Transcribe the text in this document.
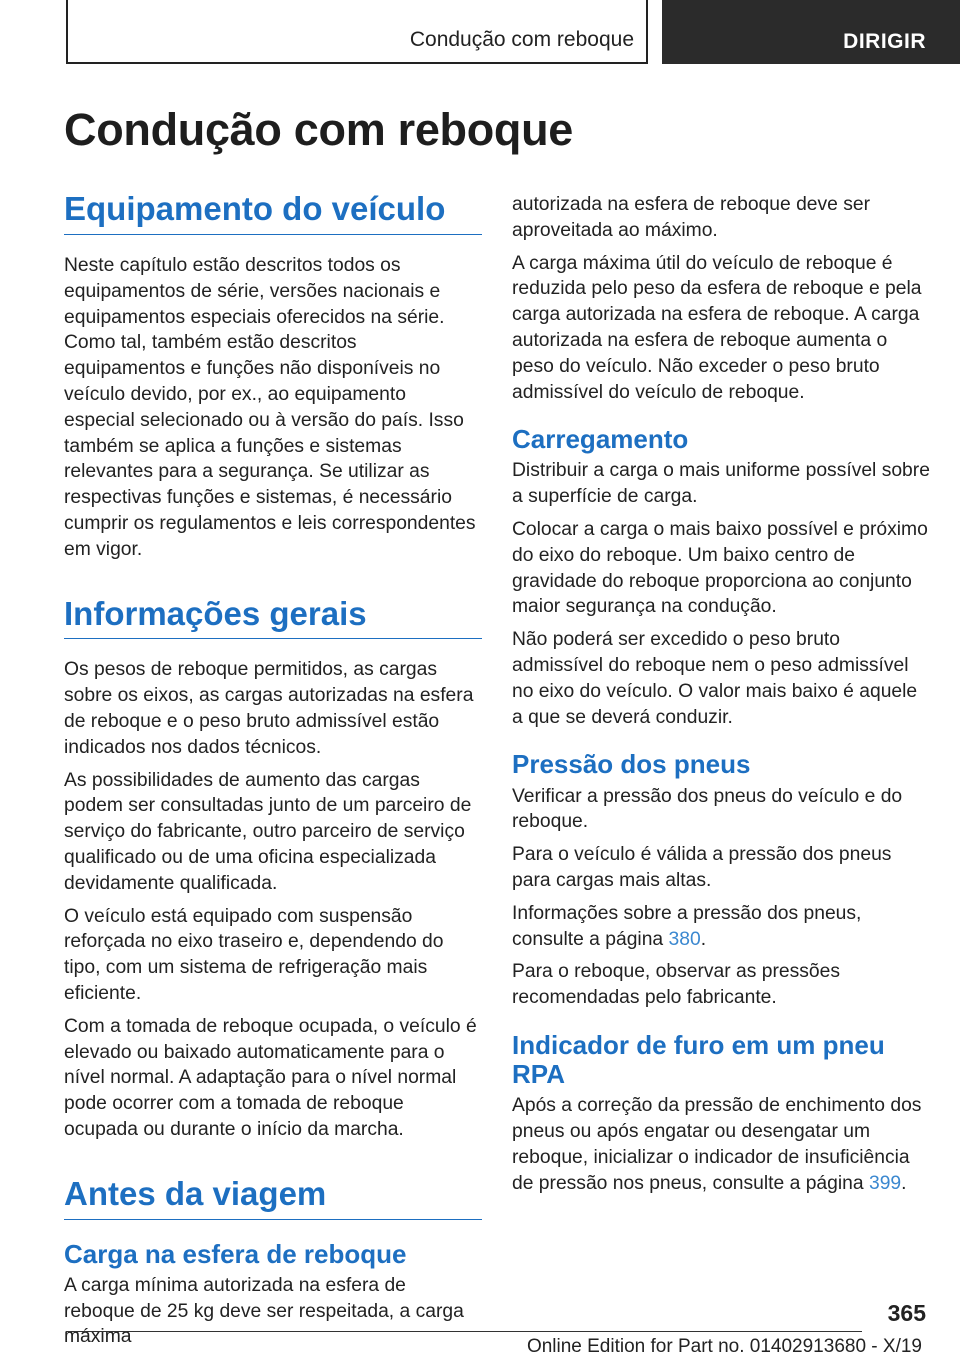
Condução com reboque	DIRIGIR
Condução com reboque
Equipamento do veículo

Neste capítulo estão descritos todos os equipamentos de série, versões nacionais e equipamentos especiais oferecidos na série. Como tal, também estão descritos equipamentos e funções não disponíveis no veículo devido, por ex., ao equipamento especial selecionado ou à versão do país. Isso também se aplica a funções e sistemas relevantes para a segurança. Se utilizar as respectivas funções e sistemas, é necessário cumprir os regulamentos e leis correspondentes em vigor.

Informações gerais

Os pesos de reboque permitidos, as cargas sobre os eixos, as cargas autorizadas na esfera de reboque e o peso bruto admissível estão indicados nos dados técnicos.

As possibilidades de aumento das cargas podem ser consultadas junto de um parceiro de serviço do fabricante, outro parceiro de serviço qualificado ou de uma oficina especializada devidamente qualificada.

O veículo está equipado com suspensão reforçada no eixo traseiro e, dependendo do tipo, com um sistema de refrigeração mais eficiente.

Com a tomada de reboque ocupada, o veículo é elevado ou baixado automaticamente para o nível normal. A adaptação para o nível normal pode ocorrer com a tomada de reboque ocupada ou durante o início da marcha.

Antes da viagem
Carga na esfera de reboque

A carga mínima autorizada na esfera de reboque de 25 kg deve ser respeitada, a carga máxima

autorizada na esfera de reboque deve ser aproveitada ao máximo.

A carga máxima útil do veículo de reboque é reduzida pelo peso da esfera de reboque e pela carga autorizada na esfera de reboque. A carga autorizada na esfera de reboque aumenta o peso do veículo. Não exceder o peso bruto admissível do veículo de reboque.

Carregamento

Distribuir a carga o mais uniforme possível sobre a superfície de carga.

Colocar a carga o mais baixo possível e próximo do eixo do reboque. Um baixo centro de gravidade do reboque proporciona ao conjunto maior segurança na condução.

Não poderá ser excedido o peso bruto admissível do reboque nem o peso admissível no eixo do veículo. O valor mais baixo é aquele a que se deverá conduzir.

Pressão dos pneus

Verificar a pressão dos pneus do veículo e do reboque.

Para o veículo é válida a pressão dos pneus para cargas mais altas.

Informações sobre a pressão dos pneus, consulte a página 380.

Para o reboque, observar as pressões recomendadas pelo fabricante.

Indicador de furo em um pneu RPA

Após a correção da pressão de enchimento dos pneus ou após engatar ou desengatar um reboque, inicializar o indicador de insuficiência de pressão nos pneus, consulte a página 399.

365
Online Edition for Part no. 01402913680 - X/19
